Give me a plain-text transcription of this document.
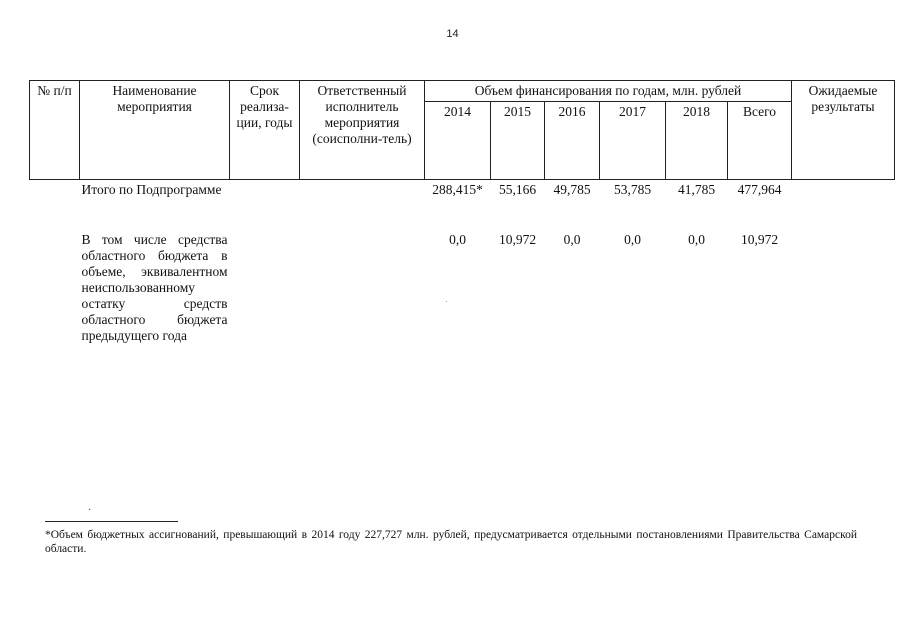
14
№ п/п	Наименование мероприятия	Срок реализа-ции, годы	Ответственный исполнитель мероприятия (соисполни-тель)	Объем финансирования по годам, млн. рублей						Ожидаемые результаты
				2014	2015	2016	2017	2018	Всего	
	Итого по Подпрограмме			288,415*	55,166	49,785	53,785	41,785	477,964	
	В том числе средства областного бюджета в объеме, эквивалентном неиспользованному остатку средств областного бюджета предыдущего года			0,0	10,972	0,0	0,0	0,0	10,972	
·
*Объем бюджетных ассигнований, превышающий в 2014 году 227,727 млн. рублей, предусматривается отдельными постановлениями Правительства Самарской области.
